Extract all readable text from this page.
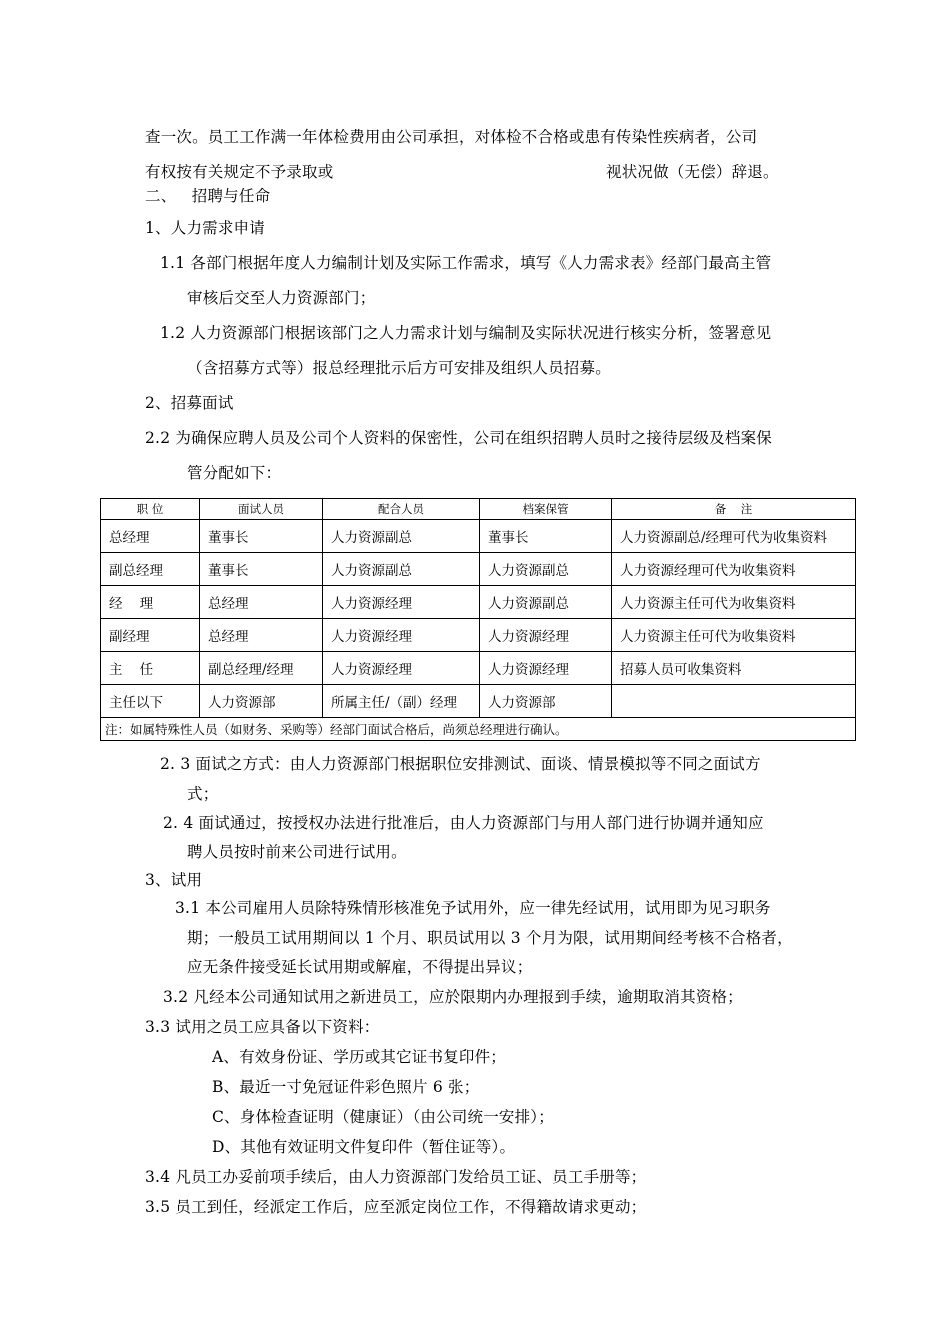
查一次。员工工作满一年体检费用由公司承担，对体检不合格或患有传染性疾病者，公司
有权按有关规定不予录取或	视状况做（无偿）辞退。
二、   招聘与任命
1、人力需求申请
1.1 各部门根据年度人力编制计划及实际工作需求，填写《人力需求表》经部门最高主管
审核后交至人力资源部门；
1.2 人力资源部门根据该部门之人力需求计划与编制及实际状况进行核实分析，签署意见
（含招募方式等）报总经理批示后方可安排及组织人员招募。
2、招募面试
2.2 为确保应聘人员及公司个人资料的保密性，公司在组织招聘人员时之接待层级及档案保
管分配如下：
职 位	面试人员	配合人员	档案保管	备    注
总经理	董事长	人力资源副总	董事长	人力资源副总/经理可代为收集资料
副总经理	董事长	人力资源副总	人力资源副总	人力资源经理可代为收集资料
经    理	总经理	人力资源经理	人力资源副总	人力资源主任可代为收集资料
副经理	总经理	人力资源经理	人力资源经理	人力资源主任可代为收集资料
主    任	副总经理/经理	人力资源经理	人力资源经理	招募人员可收集资料
主任以下	人力资源部	所属主任/（副）经理	人力资源部	
注：如属特殊性人员（如财务、采购等）经部门面试合格后，尚须总经理进行确认。				
2. 3 面试之方式：由人力资源部门根据职位安排测试、面谈、情景模拟等不同之面试方
式；
2. 4 面试通过，按授权办法进行批准后，由人力资源部门与用人部门进行协调并通知应
聘人员按时前来公司进行试用。
3、试用
3.1 本公司雇用人员除特殊情形核准免予试用外，应一律先经试用，试用即为见习职务
期；一般员工试用期间以 1 个月、职员试用以 3 个月为限，试用期间经考核不合格者，
应无条件接受延长试用期或解雇，不得提出异议；
3.2 凡经本公司通知试用之新进员工，应於限期内办理报到手续，逾期取消其资格；
3.3 试用之员工应具备以下资料：
A、有效身份证、学历或其它证书复印件；
B、最近一寸免冠证件彩色照片 6 张；
C、身体检查证明（健康证）（由公司统一安排）；
D、其他有效证明文件复印件（暂住证等）。
3.4 凡员工办妥前项手续后，由人力资源部门发给员工证、员工手册等；
3.5 员工到任，经派定工作后，应至派定岗位工作，不得籍故请求更动；
